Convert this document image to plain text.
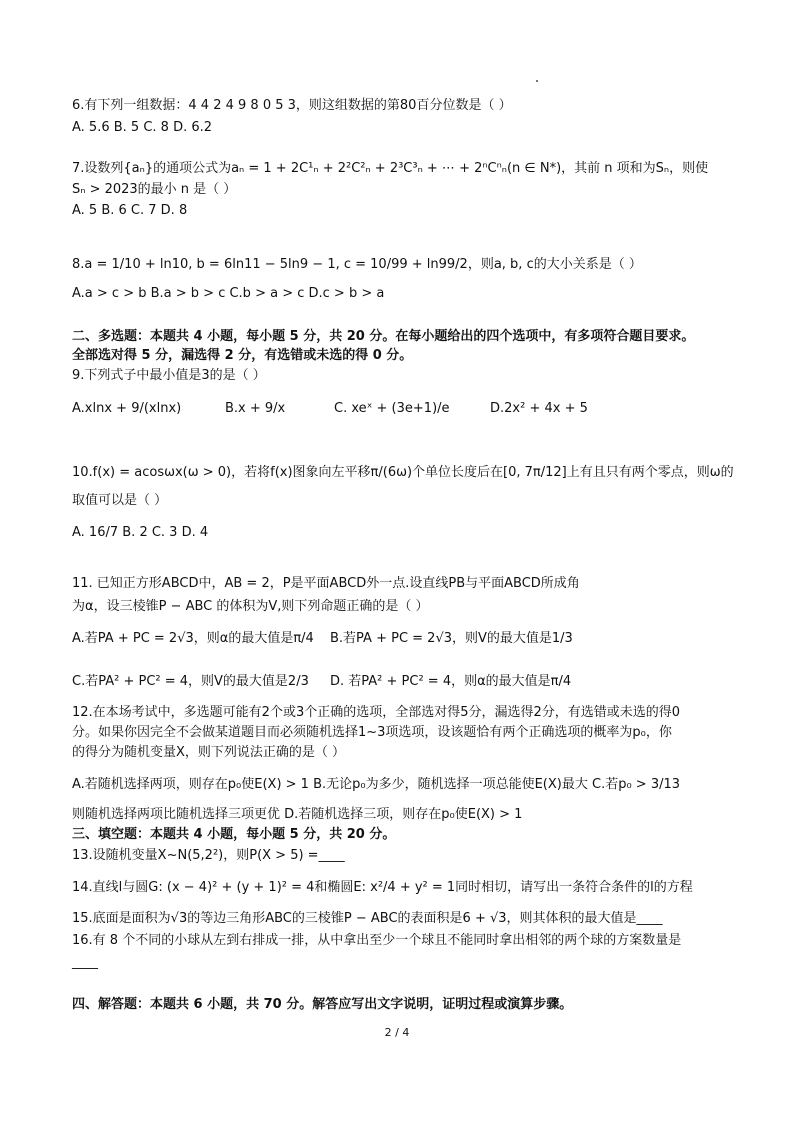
6.有下列一组数据：4 4 2 4 9 8 0 5 3，则这组数据的第80百分位数是（ ）
A. 5.6 B. 5 C. 8 D. 6.2
7.设数列{aₙ}的通项公式为aₙ = 1 + 2C¹ₙ + 2²C²ₙ + 2³C³ₙ + ⋯ + 2ⁿCⁿₙ(n ∈ N*)，其前 n 项和为Sₙ，则使
Sₙ > 2023的最小 n 是（ ）
A. 5 B. 6 C. 7 D. 8
8.a = 1/10 + ln10, b = 6ln11 − 5ln9 − 1, c = 10/99 + ln99/2，则a, b, c的大小关系是（ ）
A.a > c > b B.a > b > c C.b > a > c D.c > b > a
二、多选题：本题共 4 小题，每小题 5 分，共 20 分。在每小题给出的四个选项中，有多项符合题目要求。
全部选对得 5 分，漏选得 2 分，有选错或未选的得 0 分。
9.下列式子中最小值是3的是（ ）
A.xlnx + 9/(xlnx)	B.x + 9/x	C. xeˣ + (3e+1)/e	D.2x² + 4x + 5
10.f(x) = acosωx(ω > 0)，若将f(x)图象向左平移π/(6ω)个单位长度后在[0, 7π/12]上有且只有两个零点，则ω的
取值可以是（ ）
A. 16/7 B. 2 C. 3 D. 4
11. 已知正方形ABCD中，AB = 2，P是平面ABCD外一点.设直线PB与平面ABCD所成角
为α，设三棱锥P − ABC 的体积为V,则下列命题正确的是（ ）
A.若PA + PC = 2√3，则α的最大值是π/4 B.若PA + PC = 2√3，则V的最大值是1/3
C.若PA² + PC² = 4，则V的最大值是2/3 D. 若PA² + PC² = 4，则α的最大值是π/4
12.在本场考试中，多选题可能有2个或3个正确的选项，全部选对得5分，漏选得2分，有选错或未选的得0
分。如果你因完全不会做某道题目而必须随机选择1~3项选项，设该题恰有两个正确选项的概率为p₀，你
的得分为随机变量X，则下列说法正确的是（ ）
A.若随机选择两项，则存在p₀使E(X) > 1 B.无论p₀为多少，随机选择一项总能使E(X)最大 C.若p₀ > 3/13
则随机选择两项比随机选择三项更优 D.若随机选择三项，则存在p₀使E(X) > 1
三、填空题：本题共 4 小题，每小题 5 分，共 20 分。
13.设随机变量X~N(5,2²)，则P(X > 5) =____
14.直线l与圆G: (x − 4)² + (y + 1)² = 4和椭圆E: x²/4 + y² = 1同时相切，请写出一条符合条件的l的方程
15.底面是面积为√3的等边三角形ABC的三棱锥P − ABC的表面积是6 + √3，则其体积的最大值是____
16.有 8 个不同的小球从左到右排成一排，从中拿出至少一个球且不能同时拿出相邻的两个球的方案数量是
____
四、解答题：本题共 6 小题，共 70 分。解答应写出文字说明，证明过程或演算步骤。
2 / 4
